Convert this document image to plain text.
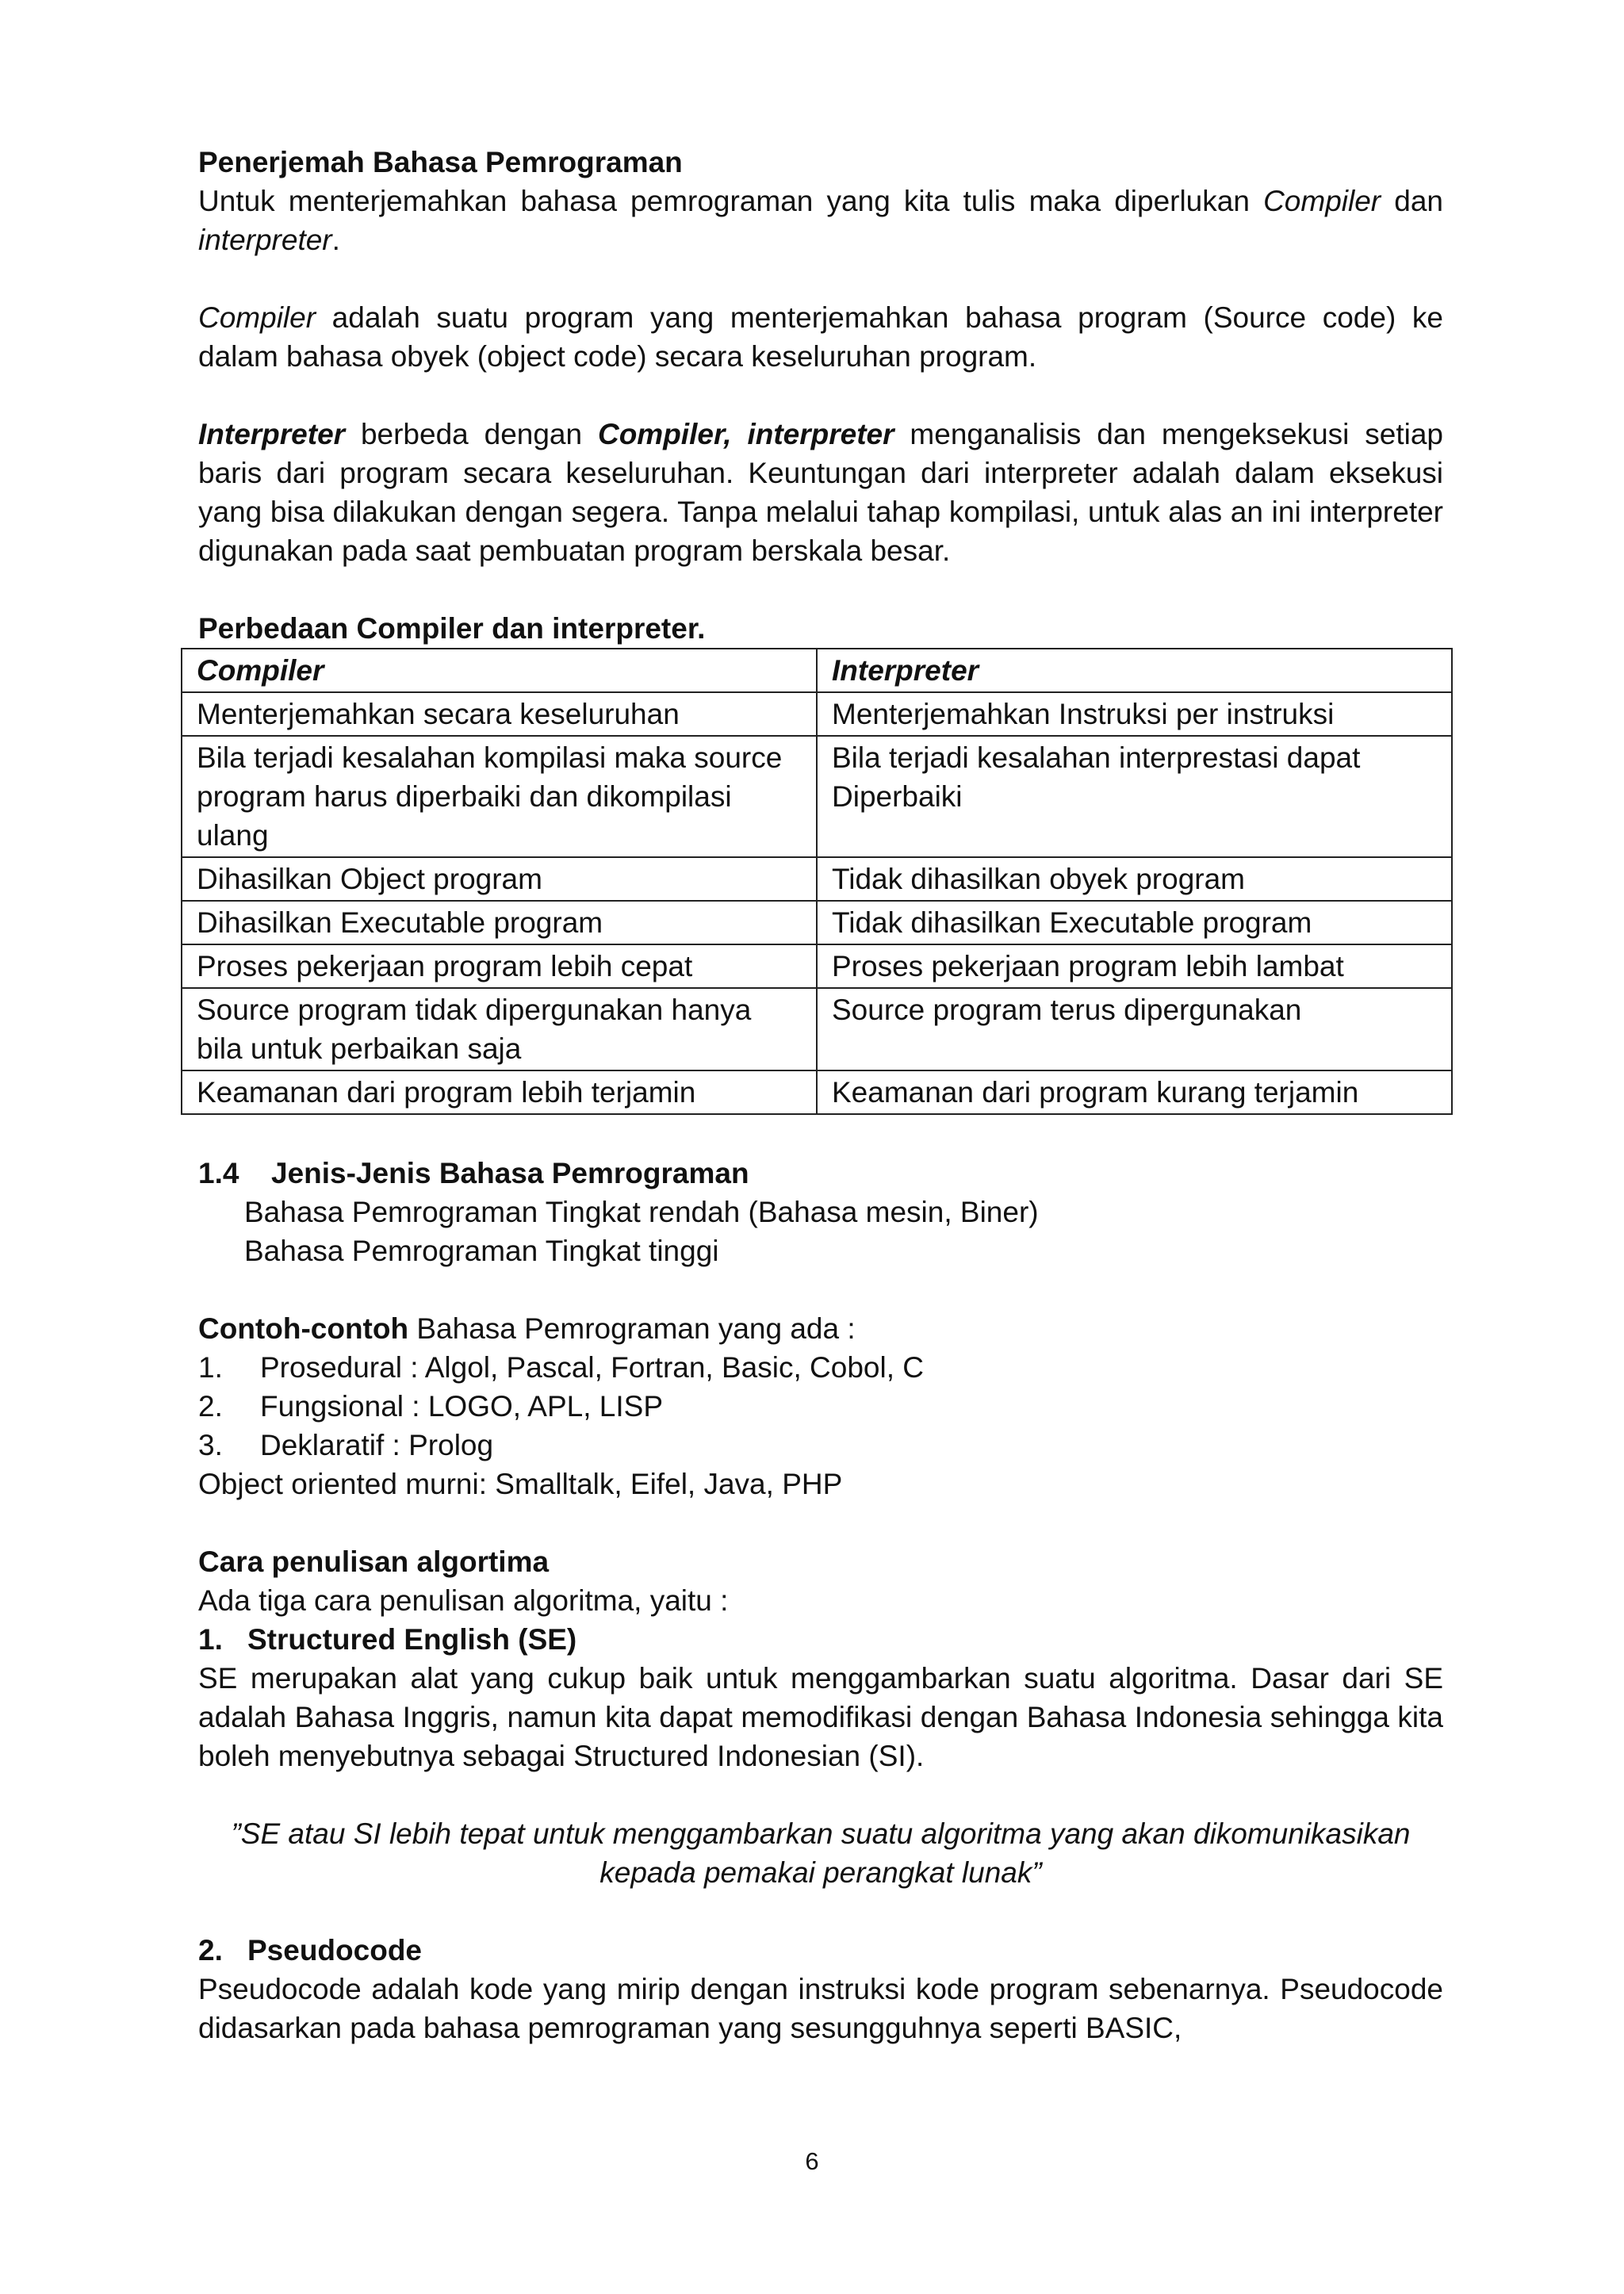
Penerjemah Bahasa Pemrograman

Untuk menterjemahkan bahasa pemrograman yang kita tulis maka diperlukan Compiler dan interpreter.

Compiler adalah suatu program yang menterjemahkan bahasa program (Source code) ke dalam bahasa obyek (object code) secara keseluruhan program.

Interpreter berbeda dengan Compiler, interpreter menganalisis dan mengeksekusi setiap baris dari program secara keseluruhan. Keuntungan dari interpreter adalah dalam eksekusi yang bisa dilakukan dengan segera. Tanpa melalui tahap kompilasi, untuk alas an ini interpreter digunakan pada saat pembuatan program berskala besar.

Perbedaan Compiler dan interpreter.

Compiler	Interpreter
Menterjemahkan secara keseluruhan	Menterjemahkan Instruksi per instruksi
Bila terjadi kesalahan kompilasi maka source program harus diperbaiki dan dikompilasi ulang	Bila terjadi kesalahan interprestasi dapat Diperbaiki
Dihasilkan Object program	Tidak dihasilkan obyek program
Dihasilkan Executable program	Tidak dihasilkan Executable program
Proses pekerjaan program lebih cepat	Proses pekerjaan program lebih lambat
Source program tidak dipergunakan hanya bila untuk perbaikan saja	Source program terus dipergunakan
Keamanan dari program lebih terjamin	Keamanan dari program kurang terjamin

1.4 Jenis-Jenis Bahasa Pemrograman

Bahasa Pemrograman Tingkat rendah (Bahasa mesin, Biner)

Bahasa Pemrograman Tingkat tinggi

Contoh-contoh Bahasa Pemrograman yang ada :

1.	Prosedural : Algol, Pascal, Fortran, Basic, Cobol, C
2.	Fungsional : LOGO, APL, LISP
3.	Deklaratif : Prolog

Object oriented murni: Smalltalk, Eifel, Java, PHP

Cara penulisan algortima

Ada tiga cara penulisan algoritma, yaitu :

1. Structured English (SE)

SE merupakan alat yang cukup baik untuk menggambarkan suatu algoritma. Dasar dari SE adalah Bahasa Inggris, namun kita dapat memodifikasi dengan Bahasa Indonesia sehingga kita boleh menyebutnya sebagai Structured Indonesian (SI).

”SE atau SI lebih tepat untuk menggambarkan suatu algoritma yang akan dikomunikasikan kepada pemakai perangkat lunak”

2. Pseudocode

Pseudocode adalah kode yang mirip dengan instruksi kode program sebenarnya. Pseudocode didasarkan pada bahasa pemrograman yang sesungguhnya seperti BASIC,

6
